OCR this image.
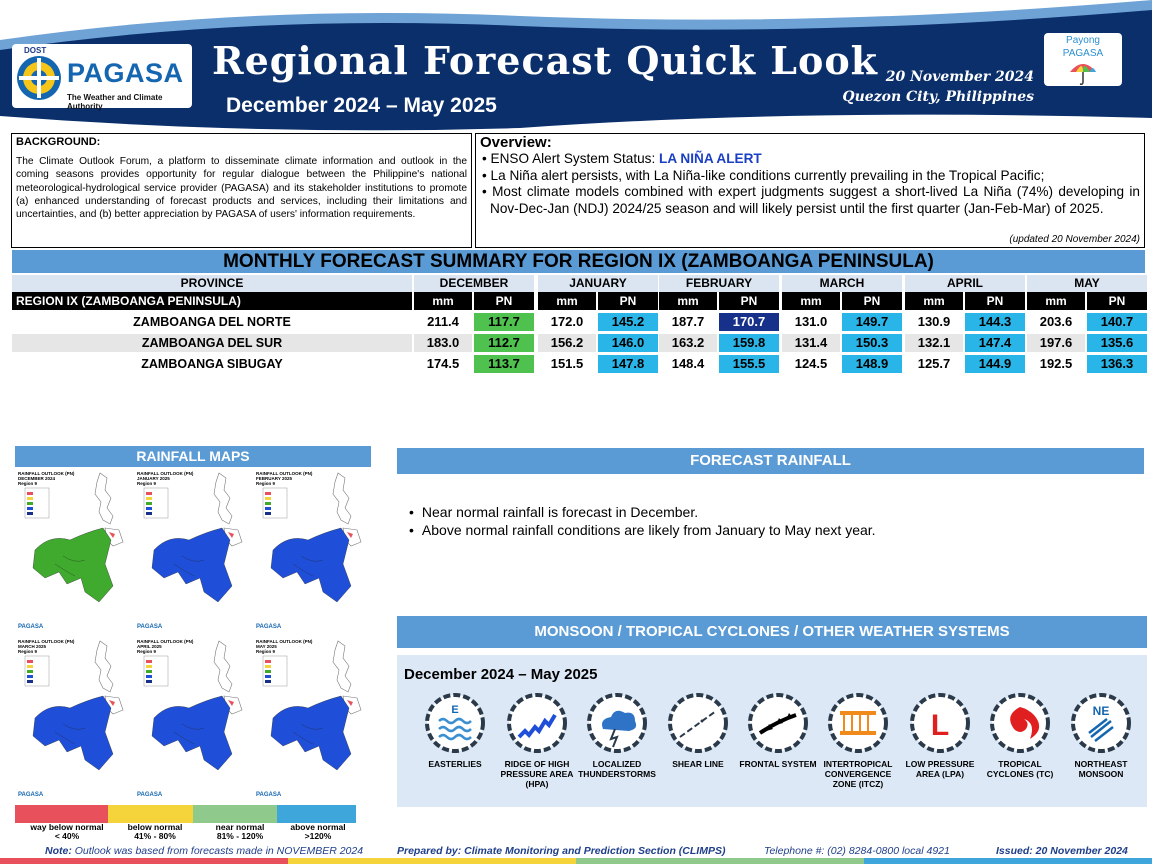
DOST
PAGASA
The Weather and Climate Authority
Regional Forecast Quick Look
December 2024 – May 2025
20 November 2024
Quezon City, Philippines
Payong
PAGASA
BACKGROUND:
The Climate Outlook Forum, a platform to disseminate climate information and outlook in the coming seasons provides opportunity for regular dialogue between the Philippine's national meteorological-hydrological service provider (PAGASA) and its stakeholder institutions to promote (a) enhanced understanding of forecast products and services, including their limitations and uncertainties, and (b) better appreciation by PAGASA of users' information requirements.
Overview:
• ENSO Alert System Status: LA NIÑA ALERT
• La Niña alert persists, with La Niña-like conditions currently prevailing in the Tropical Pacific;
• Most climate models combined with expert judgments suggest a short-lived La Niña (74%) developing in Nov-Dec-Jan (NDJ) 2024/25 season and will likely persist until the first quarter (Jan-Feb-Mar) of 2025.
(updated 20 November 2024)
MONTHLY FORECAST SUMMARY FOR REGION IX (ZAMBOANGA PENINSULA)
PROVINCE	DECEMBER	JANUARY	FEBRUARY	MARCH	APRIL	MAY
REGION IX (ZAMBOANGA PENINSULA)	mm	PN	mm	PN	mm	PN	mm	PN	mm	PN	mm	PN
ZAMBOANGA DEL NORTE	211.4	117.7	172.0	145.2	187.7	170.7	131.0	149.7	130.9	144.3	203.6	140.7
ZAMBOANGA DEL SUR	183.0	112.7	156.2	146.0	163.2	159.8	131.4	150.3	132.1	147.4	197.6	135.6
ZAMBOANGA SIBUGAY	174.5	113.7	151.5	147.8	148.4	155.5	124.5	148.9	125.7	144.9	192.5	136.3
RAINFALL MAPS
RAINFALL OUTLOOK (PN)
DECEMBER 2024
Region 9
PAGASA
RAINFALL OUTLOOK (PN)
JANUARY 2025
Region 9
PAGASA
RAINFALL OUTLOOK (PN)
FEBRUARY 2025
Region 9
PAGASA
RAINFALL OUTLOOK (PN)
MARCH 2025
Region 9
PAGASA
RAINFALL OUTLOOK (PN)
APRIL 2025
Region 9
PAGASA
RAINFALL OUTLOOK (PN)
MAY 2025
Region 9
PAGASA
way below normal
< 40%
below normal
41% - 80%
near normal
81% - 120%
above normal
>120%
FORECAST RAINFALL
• Near normal rainfall is forecast in December.
• Above normal rainfall conditions are likely from January to May next year.
MONSOON / TROPICAL CYCLONES / OTHER WEATHER SYSTEMS
December 2024 – May 2025
E
EASTERLIES	RIDGE OF HIGH PRESSURE AREA (HPA)
LOCALIZED THUNDERSTORMS
SHEAR LINE	FRONTAL SYSTEM INTERTROPICAL CONVERGENCE ZONE (ITCZ)
L
LOW PRESSURE AREA (LPA)
TROPICAL CYCLONES (TC)
NE
NORTHEAST MONSOON
Note: Outlook was based from forecasts made in NOVEMBER 2024	Prepared by: Climate Monitoring and Prediction Section (CLIMPS)	Telephone #: (02) 8284-0800 local 4921	Issued: 20 November 2024
